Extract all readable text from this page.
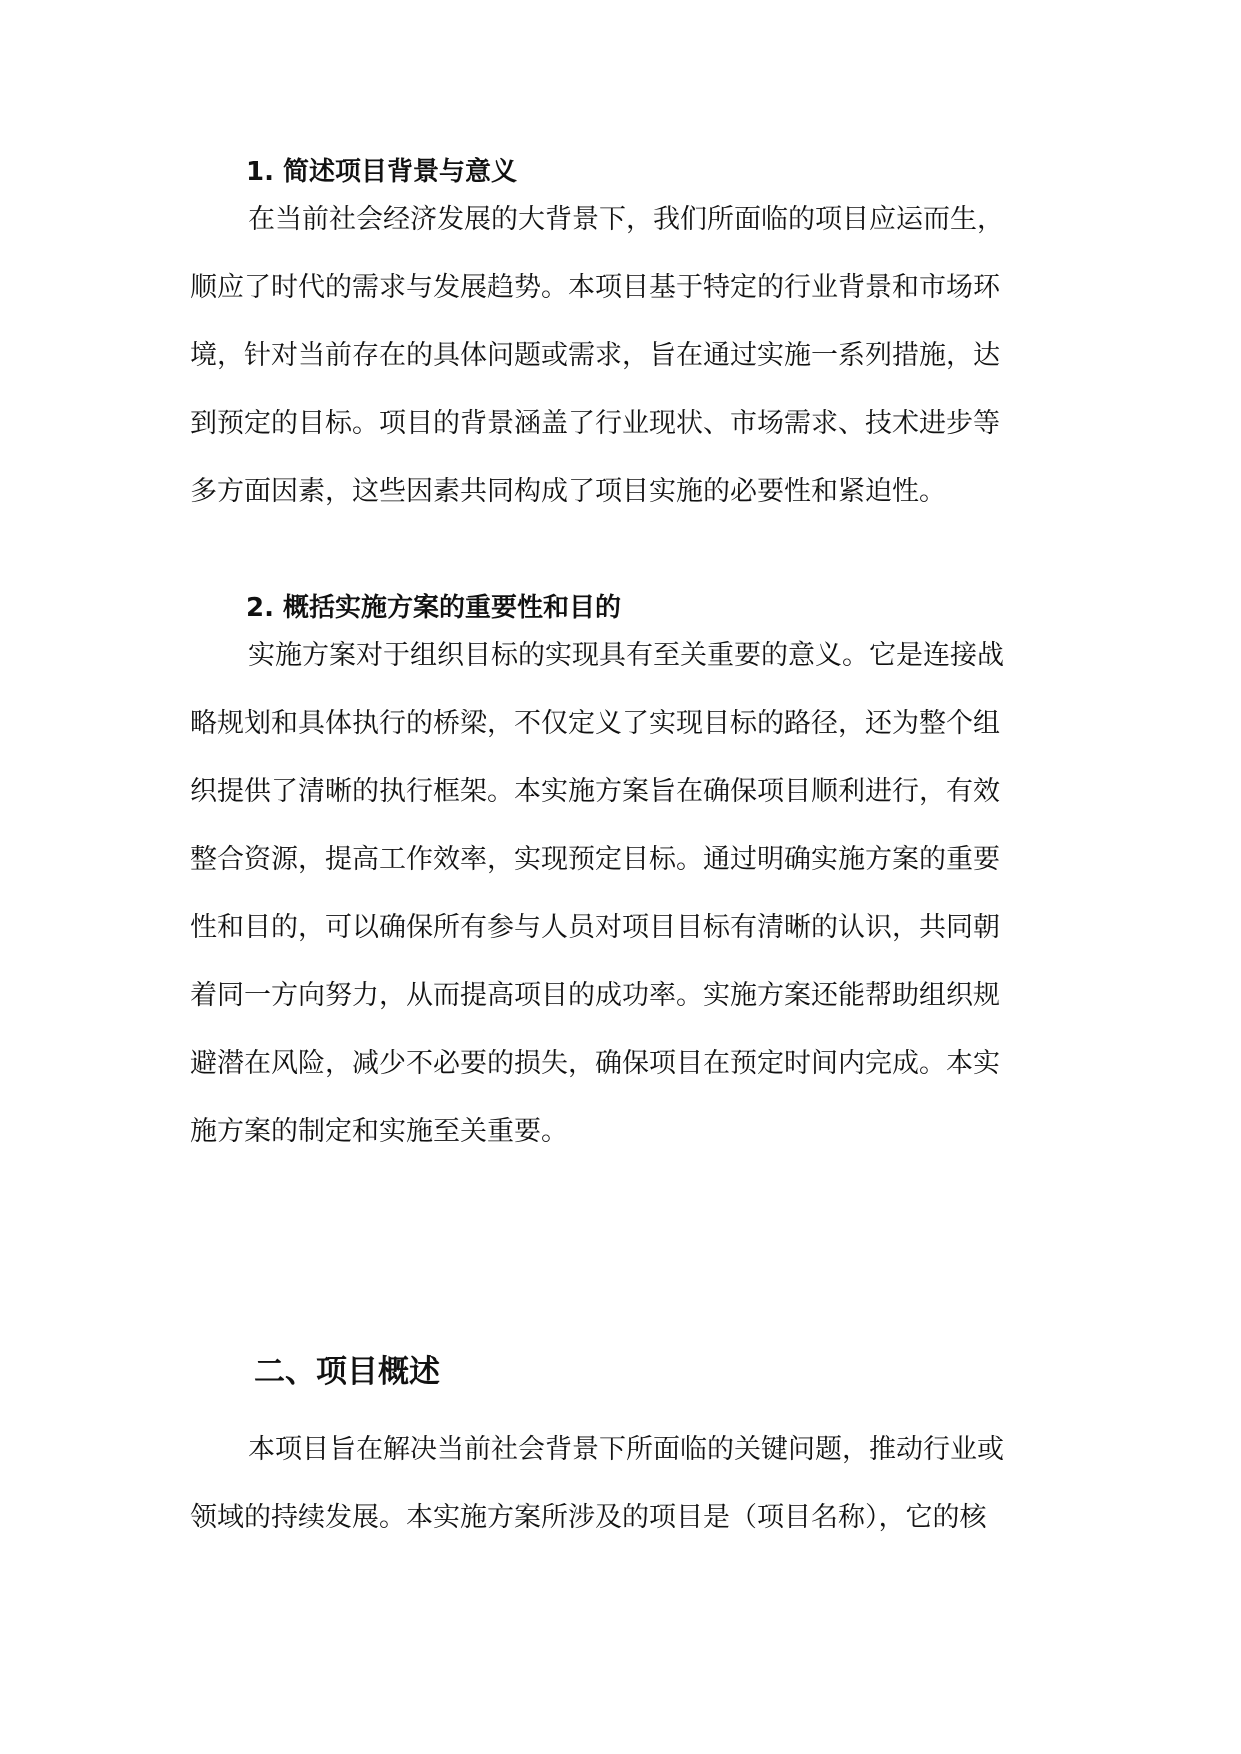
1. 简述项目背景与意义
在当前社会经济发展的大背景下，我们所面临的项目应运而生，
顺应了时代的需求与发展趋势。本项目基于特定的行业背景和市场环
境，针对当前存在的具体问题或需求，旨在通过实施一系列措施，达
到预定的目标。项目的背景涵盖了行业现状、市场需求、技术进步等
多方面因素，这些因素共同构成了项目实施的必要性和紧迫性。
2. 概括实施方案的重要性和目的
实施方案对于组织目标的实现具有至关重要的意义。它是连接战
略规划和具体执行的桥梁，不仅定义了实现目标的路径，还为整个组
织提供了清晰的执行框架。本实施方案旨在确保项目顺利进行，有效
整合资源，提高工作效率，实现预定目标。通过明确实施方案的重要
性和目的，可以确保所有参与人员对项目目标有清晰的认识，共同朝
着同一方向努力，从而提高项目的成功率。实施方案还能帮助组织规
避潜在风险，减少不必要的损失，确保项目在预定时间内完成。本实
施方案的制定和实施至关重要。
二、项目概述
本项目旨在解决当前社会背景下所面临的关键问题，推动行业或
领域的持续发展。本实施方案所涉及的项目是（项目名称），它的核
